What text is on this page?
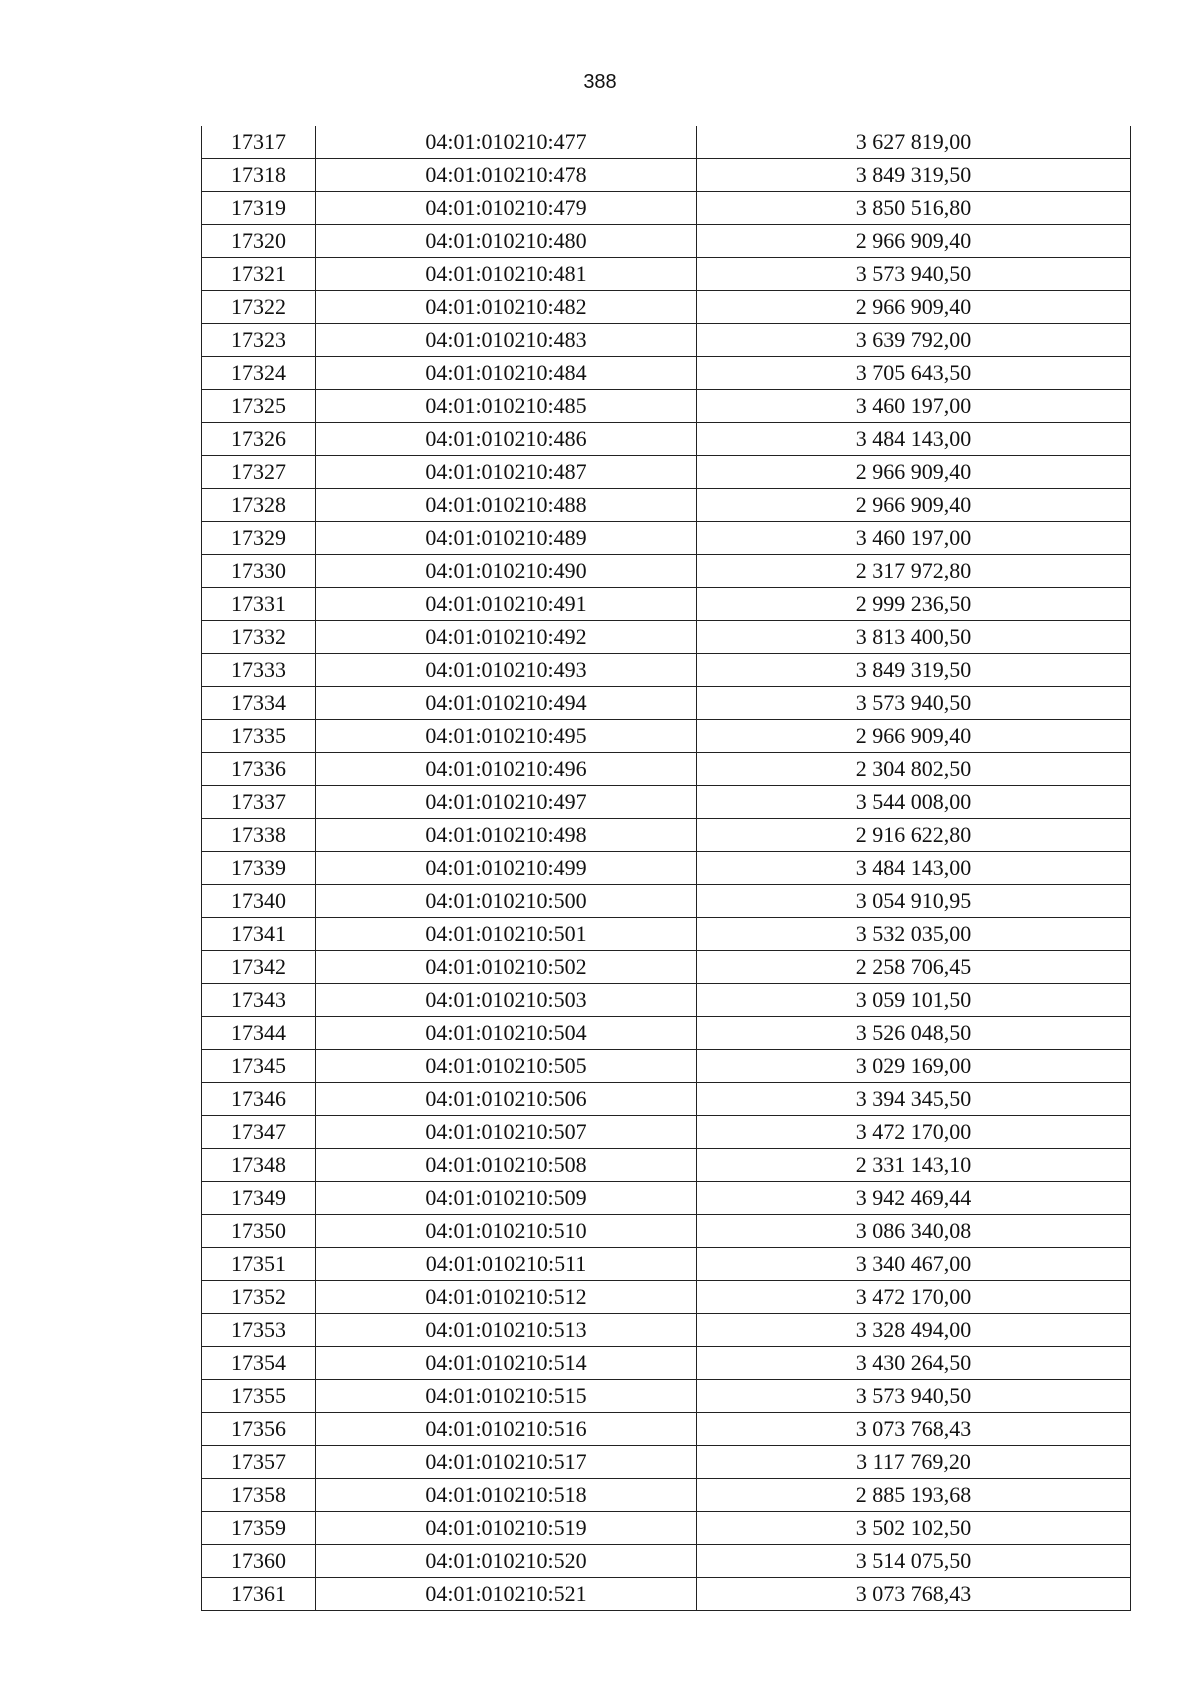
388
17317	04:01:010210:477	3 627 819,00
17318	04:01:010210:478	3 849 319,50
17319	04:01:010210:479	3 850 516,80
17320	04:01:010210:480	2 966 909,40
17321	04:01:010210:481	3 573 940,50
17322	04:01:010210:482	2 966 909,40
17323	04:01:010210:483	3 639 792,00
17324	04:01:010210:484	3 705 643,50
17325	04:01:010210:485	3 460 197,00
17326	04:01:010210:486	3 484 143,00
17327	04:01:010210:487	2 966 909,40
17328	04:01:010210:488	2 966 909,40
17329	04:01:010210:489	3 460 197,00
17330	04:01:010210:490	2 317 972,80
17331	04:01:010210:491	2 999 236,50
17332	04:01:010210:492	3 813 400,50
17333	04:01:010210:493	3 849 319,50
17334	04:01:010210:494	3 573 940,50
17335	04:01:010210:495	2 966 909,40
17336	04:01:010210:496	2 304 802,50
17337	04:01:010210:497	3 544 008,00
17338	04:01:010210:498	2 916 622,80
17339	04:01:010210:499	3 484 143,00
17340	04:01:010210:500	3 054 910,95
17341	04:01:010210:501	3 532 035,00
17342	04:01:010210:502	2 258 706,45
17343	04:01:010210:503	3 059 101,50
17344	04:01:010210:504	3 526 048,50
17345	04:01:010210:505	3 029 169,00
17346	04:01:010210:506	3 394 345,50
17347	04:01:010210:507	3 472 170,00
17348	04:01:010210:508	2 331 143,10
17349	04:01:010210:509	3 942 469,44
17350	04:01:010210:510	3 086 340,08
17351	04:01:010210:511	3 340 467,00
17352	04:01:010210:512	3 472 170,00
17353	04:01:010210:513	3 328 494,00
17354	04:01:010210:514	3 430 264,50
17355	04:01:010210:515	3 573 940,50
17356	04:01:010210:516	3 073 768,43
17357	04:01:010210:517	3 117 769,20
17358	04:01:010210:518	2 885 193,68
17359	04:01:010210:519	3 502 102,50
17360	04:01:010210:520	3 514 075,50
17361	04:01:010210:521	3 073 768,43
